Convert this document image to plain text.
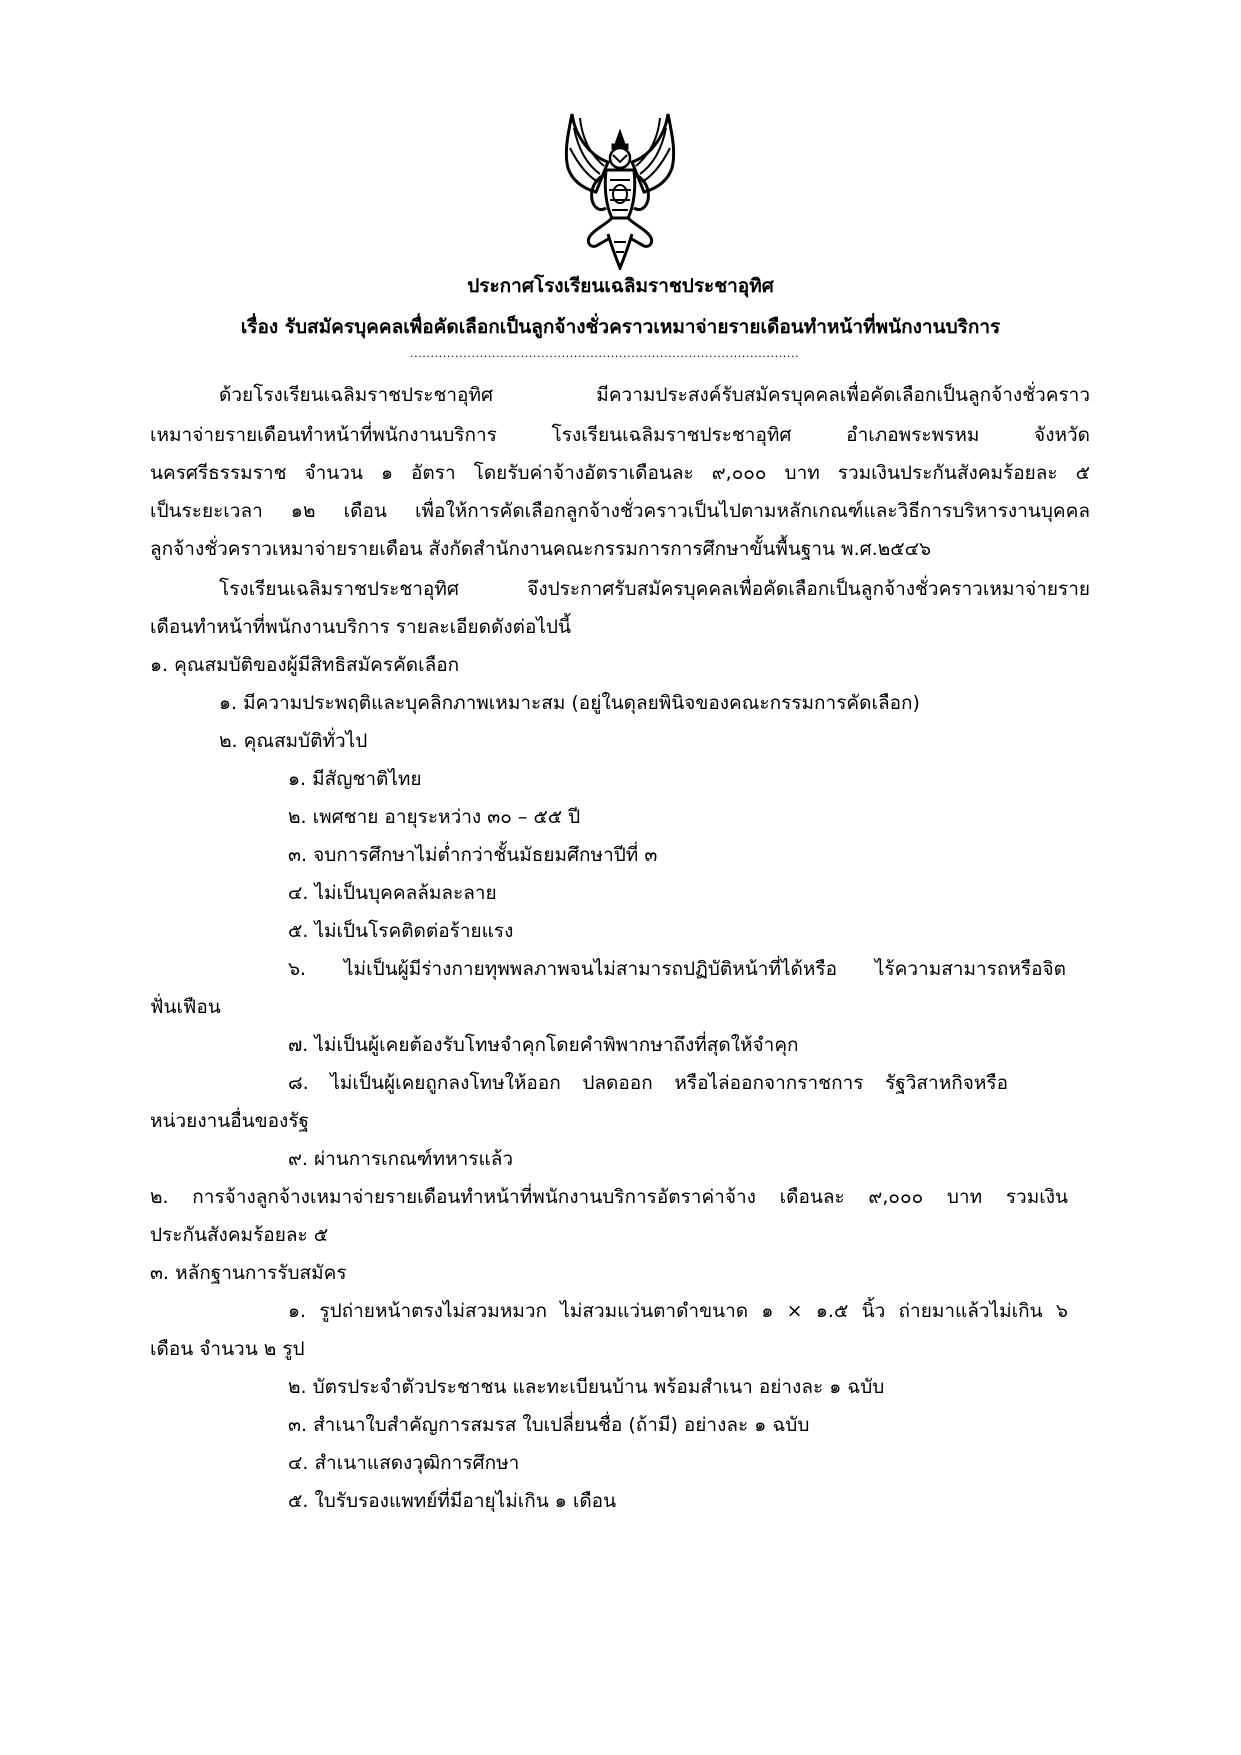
ประกาศโรงเรียนเฉลิมราชประชาอุทิศ
เรื่อง รับสมัครบุคคลเพื่อคัดเลือกเป็นลูกจ้างชั่วคราวเหมาจ่ายรายเดือนทำหน้าที่พนักงานบริการ
...............................................................................................
ด้วยโรงเรียนเฉลิมราชประชาอุทิศ มีความประสงค์รับสมัครบุคคลเพื่อคัดเลือกเป็นลูกจ้างชั่วคราว
เหมาจ่ายรายเดือนทำหน้าที่พนักงานบริการ โรงเรียนเฉลิมราชประชาอุทิศ อำเภอพระพรหม จังหวัด
นครศรีธรรมราช จำนวน ๑ อัตรา โดยรับค่าจ้างอัตราเดือนละ ๙,๐๐๐ บาท รวมเงินประกันสังคมร้อยละ ๕
เป็นระยะเวลา ๑๒ เดือน เพื่อให้การคัดเลือกลูกจ้างชั่วคราวเป็นไปตามหลักเกณฑ์และวิธีการบริหารงานบุคคล
ลูกจ้างชั่วคราวเหมาจ่ายรายเดือน สังกัดสำนักงานคณะกรรมการการศึกษาขั้นพื้นฐาน พ.ศ.๒๕๔๖
โรงเรียนเฉลิมราชประชาอุทิศ จึงประกาศรับสมัครบุคคลเพื่อคัดเลือกเป็นลูกจ้างชั่วคราวเหมาจ่ายราย
เดือนทำหน้าที่พนักงานบริการ รายละเอียดดังต่อไปนี้
๑. คุณสมบัติของผู้มีสิทธิสมัครคัดเลือก
๑. มีความประพฤติและบุคลิกภาพเหมาะสม (อยู่ในดุลยพินิจของคณะกรรมการคัดเลือก)
๒. คุณสมบัติทั่วไป
๑. มีสัญชาติไทย
๒. เพศชาย อายุระหว่าง ๓๐ – ๕๕ ปี
๓. จบการศึกษาไม่ต่ำกว่าชั้นมัธยมศึกษาปีที่ ๓
๔. ไม่เป็นบุคคลล้มละลาย
๕. ไม่เป็นโรคติดต่อร้ายแรง
๖. ไม่เป็นผู้มีร่างกายทุพพลภาพจนไม่สามารถปฏิบัติหน้าที่ได้หรือ ไร้ความสามารถหรือจิต
ฟั่นเฟือน
๗. ไม่เป็นผู้เคยต้องรับโทษจำคุกโดยคำพิพากษาถึงที่สุดให้จำคุก
๘. ไม่เป็นผู้เคยถูกลงโทษให้ออก ปลดออก หรือไล่ออกจากราชการ รัฐวิสาหกิจหรือ
หน่วยงานอื่นของรัฐ
๙. ผ่านการเกณฑ์ทหารแล้ว
๒. การจ้างลูกจ้างเหมาจ่ายรายเดือนทำหน้าที่พนักงานบริการอัตราค่าจ้าง เดือนละ ๙,๐๐๐ บาท รวมเงิน
ประกันสังคมร้อยละ ๕
๓. หลักฐานการรับสมัคร
๑. รูปถ่ายหน้าตรงไม่สวมหมวก ไม่สวมแว่นตาดำขนาด ๑ × ๑.๕ นิ้ว ถ่ายมาแล้วไม่เกิน ๖
เดือน จำนวน ๒ รูป
๒. บัตรประจำตัวประชาชน และทะเบียนบ้าน พร้อมสำเนา อย่างละ ๑ ฉบับ
๓. สำเนาใบสำคัญการสมรส ใบเปลี่ยนชื่อ (ถ้ามี) อย่างละ ๑ ฉบับ
๔. สำเนาแสดงวุฒิการศึกษา
๕. ใบรับรองแพทย์ที่มีอายุไม่เกิน ๑ เดือน
